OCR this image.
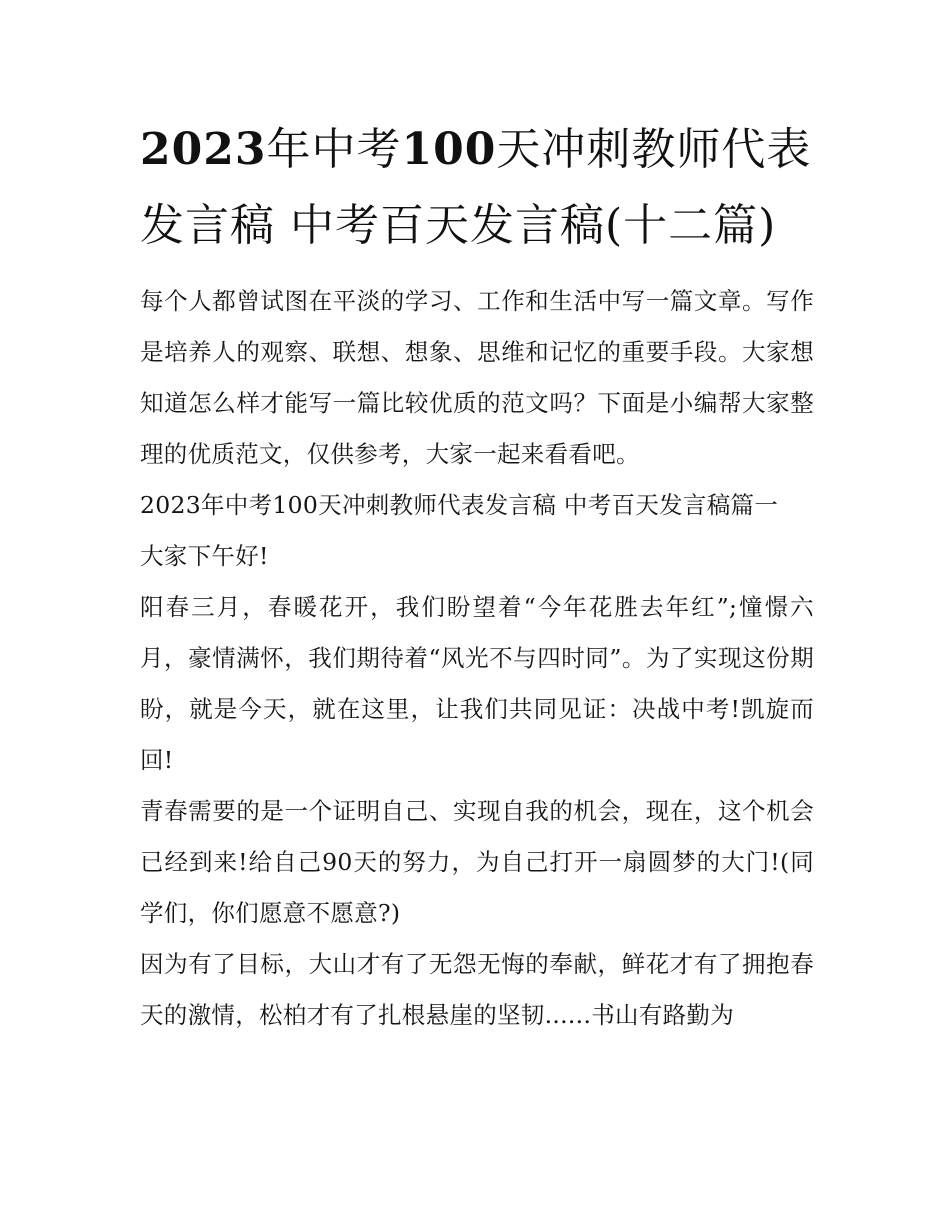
2023年中考100天冲刺教师代表发言稿 中考百天发言稿(十二篇)

每个人都曾试图在平淡的学习、工作和生活中写一篇文章。写作是培养人的观察、联想、想象、思维和记忆的重要手段。大家想知道怎么样才能写一篇比较优质的范文吗？下面是小编帮大家整理的优质范文，仅供参考，大家一起来看看吧。

2023年中考100天冲刺教师代表发言稿 中考百天发言稿篇一

大家下午好!

阳春三月，春暖花开，我们盼望着“今年花胜去年红”;憧憬六月，豪情满怀，我们期待着“风光不与四时同”。为了实现这份期盼，就是今天，就在这里，让我们共同见证：决战中考!凯旋而回!

青春需要的是一个证明自己、实现自我的机会，现在，这个机会已经到来!给自己90天的努力，为自己打开一扇圆梦的大门!(同学们，你们愿意不愿意?)

因为有了目标，大山才有了无怨无悔的奉献，鲜花才有了拥抱春天的激情，松柏才有了扎根悬崖的坚韧......书山有路勤为
